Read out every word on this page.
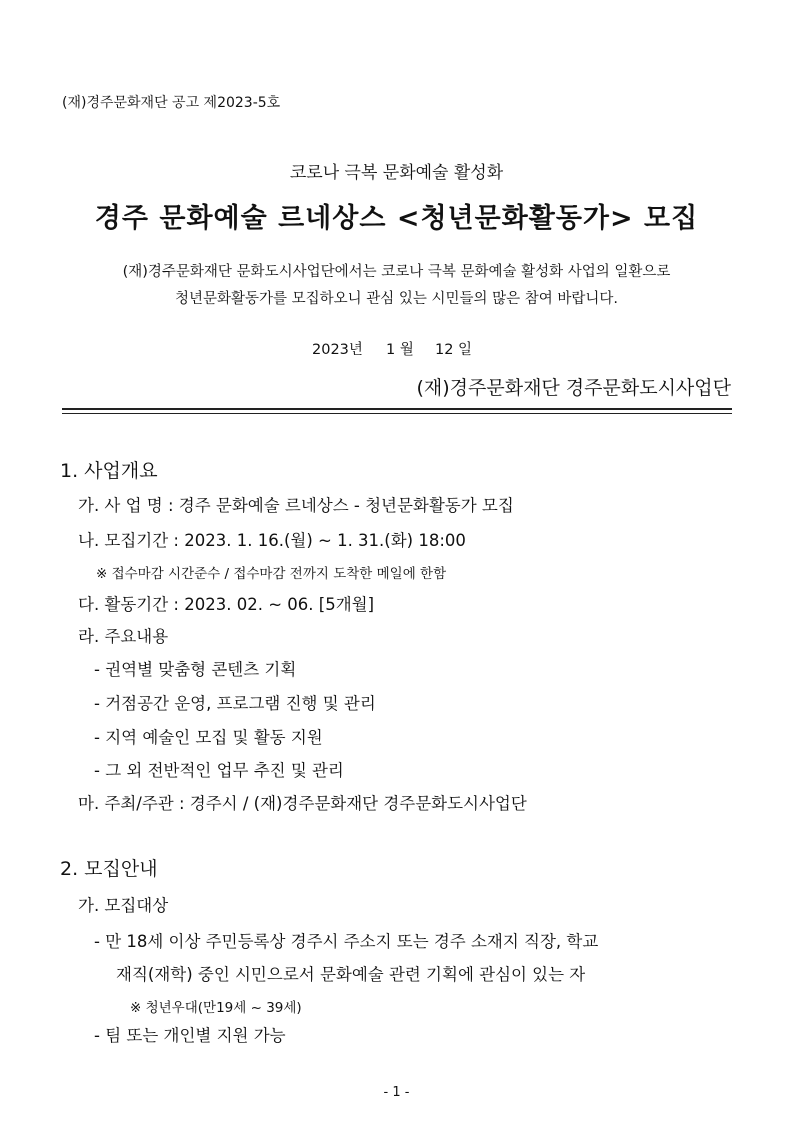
(재)경주문화재단 공고 제2023-5호
코로나 극복 문화예술 활성화
경주 문화예술 르네상스 <청년문화활동가> 모집
(재)경주문화재단 문화도시사업단에서는 코로나 극복 문화예술 활성화 사업의 일환으로
청년문화활동가를 모집하오니 관심 있는 시민들의 많은 참여 바랍니다.
2023년 1 월 12 일
(재)경주문화재단 경주문화도시사업단
1. 사업개요
가. 사 업 명 : 경주 문화예술 르네상스 - 청년문화활동가 모집
나. 모집기간 : 2023. 1. 16.(월) ~ 1. 31.(화) 18:00
※ 접수마감 시간준수 / 접수마감 전까지 도착한 메일에 한함
다. 활동기간 : 2023. 02. ~ 06. [5개월]
라. 주요내용
- 권역별 맞춤형 콘텐츠 기획
- 거점공간 운영, 프로그램 진행 및 관리
- 지역 예술인 모집 및 활동 지원
- 그 외 전반적인 업무 추진 및 관리
마. 주최/주관 : 경주시 / (재)경주문화재단 경주문화도시사업단
2. 모집안내
가. 모집대상
- 만 18세 이상 주민등록상 경주시 주소지 또는 경주 소재지 직장, 학교
재직(재학) 중인 시민으로서 문화예술 관련 기획에 관심이 있는 자
※ 청년우대(만19세 ~ 39세)
- 팀 또는 개인별 지원 가능
- 1 -
